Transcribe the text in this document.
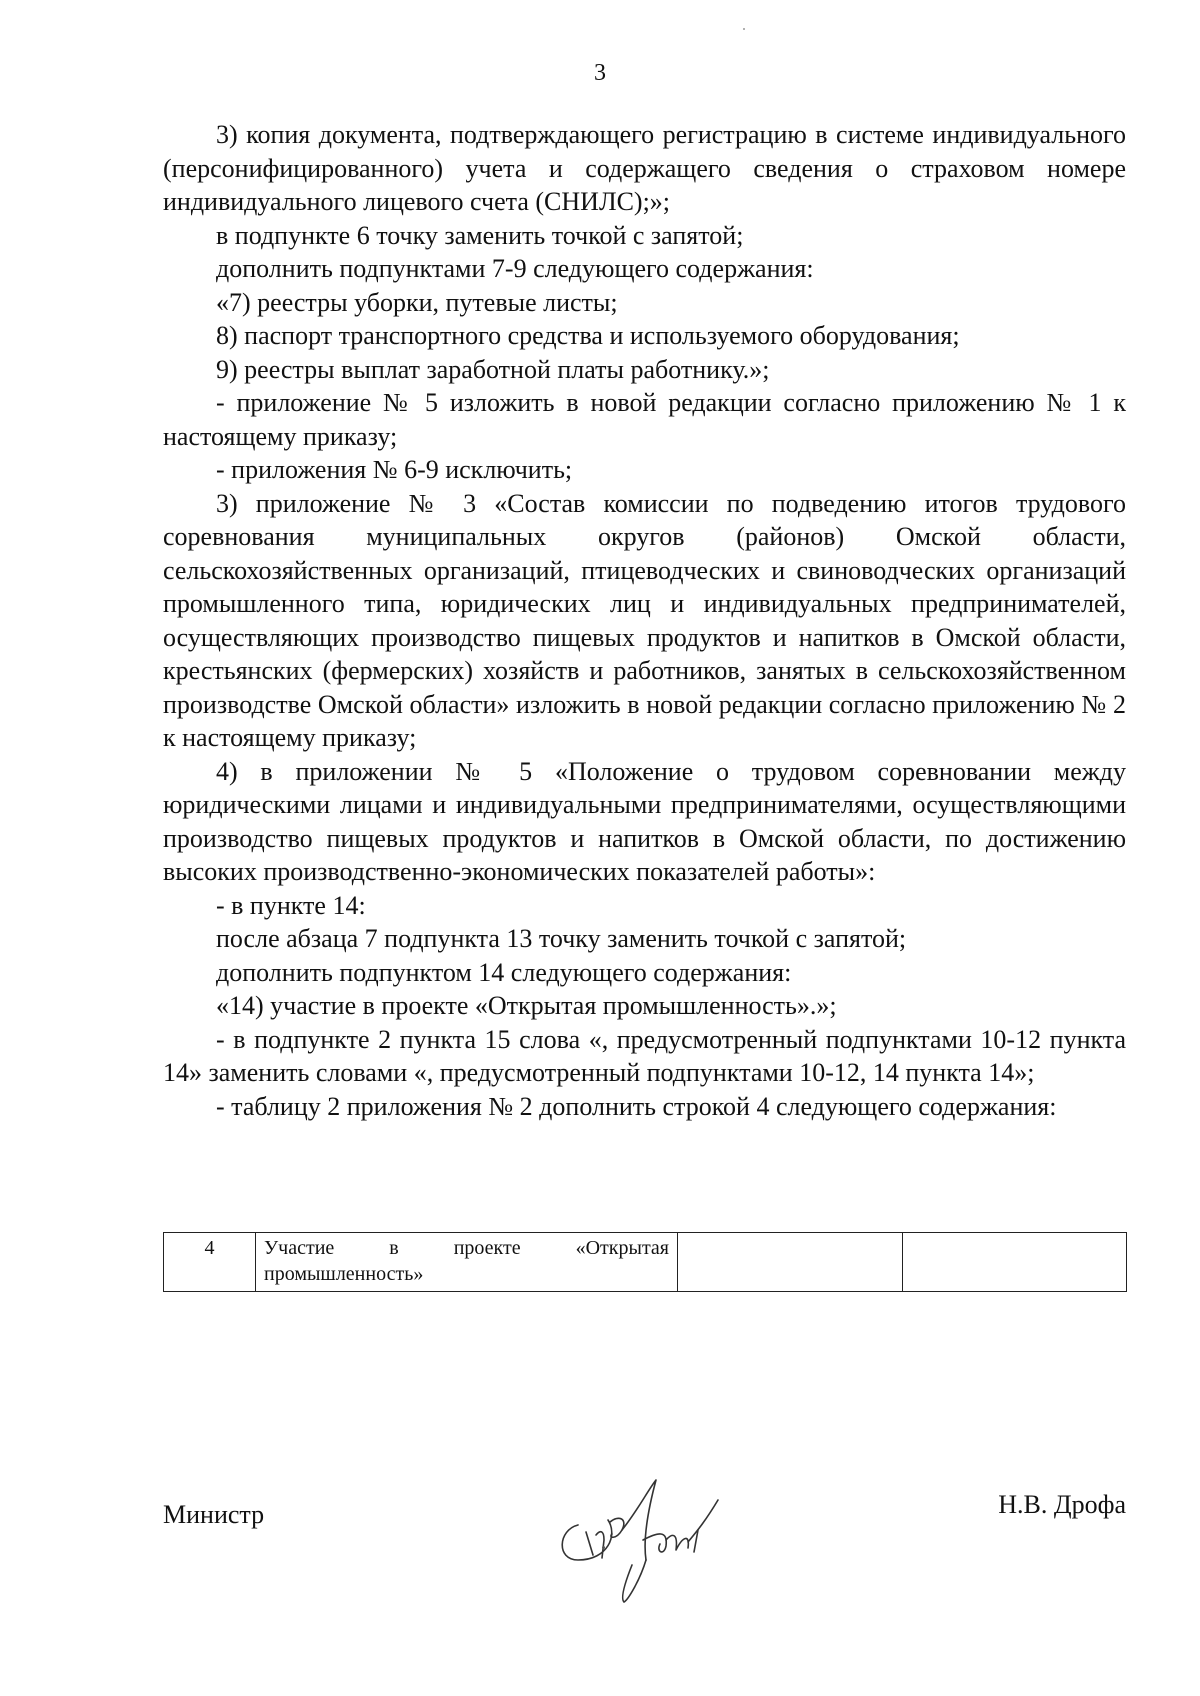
3

3) копия документа, подтверждающего регистрацию в системе индивидуального (персонифицированного) учета и содержащего сведения о страховом номере индивидуального лицевого счета (СНИЛС);»;

в подпункте 6 точку заменить точкой с запятой;

дополнить подпунктами 7-9 следующего содержания:

«7) реестры уборки, путевые листы;

8) паспорт транспортного средства и используемого оборудования;

9) реестры выплат заработной платы работнику.»;

- приложение № 5 изложить в новой редакции согласно приложению № 1 к настоящему приказу;

- приложения № 6-9 исключить;

3) приложение № 3 «Состав комиссии по подведению итогов трудового соревнования муниципальных округов (районов) Омской области, сельскохозяйственных организаций, птицеводческих и свиноводческих организаций промышленного типа, юридических лиц и индивидуальных предпринимателей, осуществляющих производство пищевых продуктов и напитков в Омской области, крестьянских (фермерских) хозяйств и работников, занятых в сельскохозяйственном производстве Омской области» изложить в новой редакции согласно приложению № 2 к настоящему приказу;

4) в приложении № 5 «Положение о трудовом соревновании между юридическими лицами и индивидуальными предпринимателями, осуществляющими производство пищевых продуктов и напитков в Омской области, по достижению высоких производственно-экономических показателей работы»:

- в пункте 14:

после абзаца 7 подпункта 13 точку заменить точкой с запятой;

дополнить подпунктом 14 следующего содержания:

«14) участие в проекте «Открытая промышленность».»;

- в подпункте 2 пункта 15 слова «, предусмотренный подпунктами 10-12 пункта 14» заменить словами «, предусмотренный подпунктами 10-12, 14 пункта 14»;

- таблицу 2 приложения № 2 дополнить строкой 4 следующего содержания:

4	Участие в проекте «Открытая промышленность»		
Министр	Н.В. Дрофа
